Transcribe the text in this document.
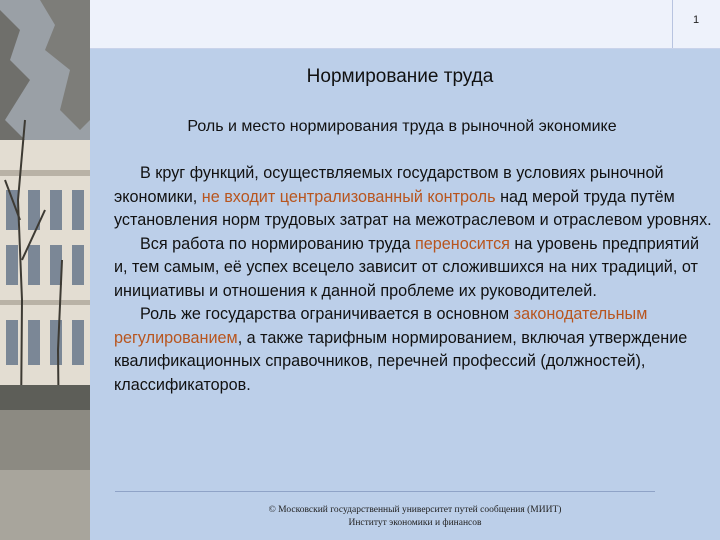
1
Нормирование труда
Роль и место нормирования труда в рыночной экономике

В круг функций, осуществляемых государством в условиях рыночной экономики, не входит централизованный контроль над мерой труда путём установления норм трудовых затрат на межотраслевом и отраслевом уровнях.

Вся работа по нормированию труда переносится на уровень предприятий и, тем самым, её успех всецело зависит от сложившихся на них традиций, от инициативы и отношения к данной проблеме их руководителей.

Роль же государства ограничивается в основном законодательным регулированием, а также тарифным нормированием, включая утверждение квалификационных справочников, перечней профессий (должностей), классификаторов.

© Московский государственный университет путей сообщения (МИИТ)
Институт экономики и финансов
